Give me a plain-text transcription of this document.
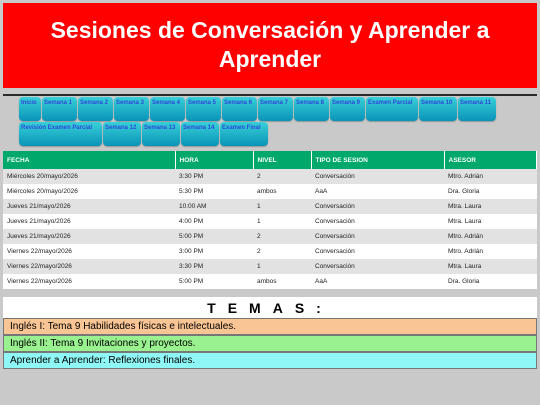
Sesiones de Conversación y Aprender a Aprender
Inicio	Semana 1	Semana 2	Semana 3	Semana 4	Semana 5	Semana 6	Semana 7	Semana 8	Semana 9	Examen Parcial	Semana 10	Semana 11
Revisión Examen Parcial	Semana 12	Semana 13	Semana 14	Examen Final
FECHA	HORA	NIVEL	TIPO DE SESION	ASESOR
Miércoles 20/mayo/2026	3:30 PM	2	Conversación	Mtro. Adrián
Miércoles 20/mayo/2026	5:30 PM	ambos	AaA	Dra. Gloria
Jueves 21/mayo/2026	10:00 AM	1	Conversación	Mtra. Laura
Jueves 21/mayo/2026	4:00 PM	1	Conversación	Mtra. Laura
Jueves 21/mayo/2026	5:00 PM	2	Conversación	Mtro. Adrián
Viernes 22/mayo/2026	3:00 PM	2	Conversación	Mtro. Adrián
Viernes 22/mayo/2026	3:30 PM	1	Conversación	Mtra. Laura
Viernes 22/mayo/2026	5:00 PM	ambos	AaA	Dra. Gloria
TEMAS:
Inglés I: Tema 9 Habilidades físicas e intelectuales.
Inglés II: Tema 9 Invitaciones y proyectos.
Aprender a Aprender: Reflexiones finales.
